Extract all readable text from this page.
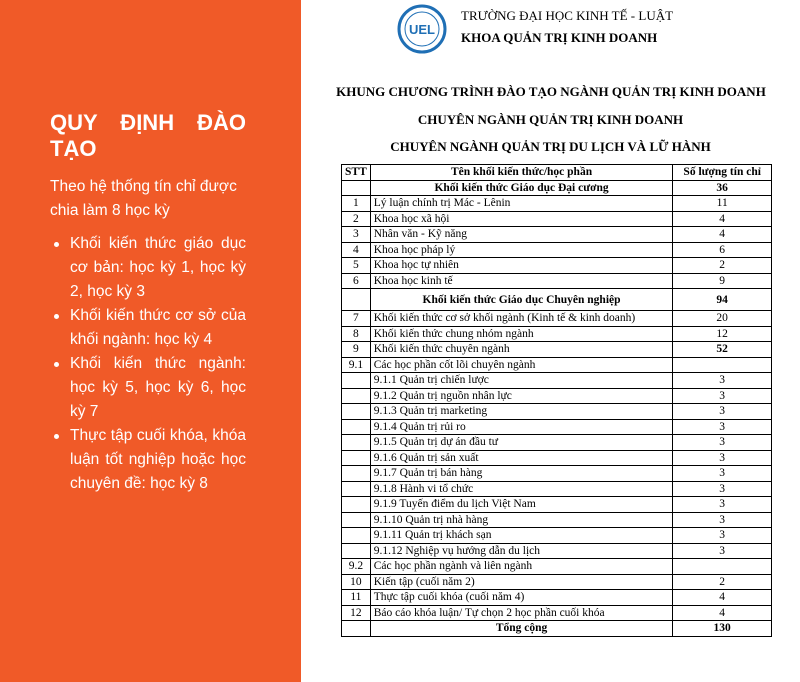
QUY ĐỊNH ĐÀO TẠO
Theo hệ thống tín chỉ được chia làm 8 học kỳ
Khối kiến thức giáo dục cơ bản: học kỳ 1, học kỳ 2, học kỳ 3
Khối kiến thức cơ sở của khối ngành: học kỳ 4
Khối kiến thức ngành: học kỳ 5, học kỳ 6, học kỳ 7
Thực tập cuối khóa, khóa luận tốt nghiệp hoặc học chuyên đề: học kỳ 8
UEL
TRƯỜNG ĐẠI HỌC KINH TẾ - LUẬT
KHOA QUẢN TRỊ KINH DOANH
KHUNG CHƯƠNG TRÌNH ĐÀO TẠO NGÀNH QUẢN TRỊ KINH DOANH
CHUYÊN NGÀNH QUẢN TRỊ KINH DOANH
CHUYÊN NGÀNH QUẢN TRỊ DU LỊCH VÀ LỮ HÀNH
STT	Tên khối kiến thức/học phần	Số lượng tín chỉ
	Khối kiến thức Giáo dục Đại cương	36
1	Lý luận chính trị Mác - Lênin	11
2	Khoa học xã hội	4
3	Nhân văn - Kỹ năng	4
4	Khoa học pháp lý	6
5	Khoa học tự nhiên	2
6	Khoa học kinh tế	9
	Khối kiến thức Giáo dục Chuyên nghiệp	94
7	Khối kiến thức cơ sở khối ngành (Kinh tế & kinh doanh)	20
8	Khối kiến thức chung nhóm ngành	12
9	Khối kiến thức chuyên ngành	52
9.1	Các học phần cốt lõi chuyên ngành	
	9.1.1 Quản trị chiến lược	3
	9.1.2 Quản trị nguồn nhân lực	3
	9.1.3 Quản trị marketing	3
	9.1.4 Quản trị rủi ro	3
	9.1.5 Quản trị dự án đầu tư	3
	9.1.6 Quản trị sản xuất	3
	9.1.7 Quản trị bán hàng	3
	9.1.8 Hành vi tổ chức	3
	9.1.9 Tuyến điểm du lịch Việt Nam	3
	9.1.10 Quản trị nhà hàng	3
	9.1.11 Quản trị khách sạn	3
	9.1.12 Nghiệp vụ hướng dẫn du lịch	3
9.2	Các học phần ngành và liên ngành	
10	Kiến tập (cuối năm 2)	2
11	Thực tập cuối khóa (cuối năm 4)	4
12	Báo cáo khóa luận/ Tự chọn 2 học phần cuối khóa	4
	Tổng cộng	130
